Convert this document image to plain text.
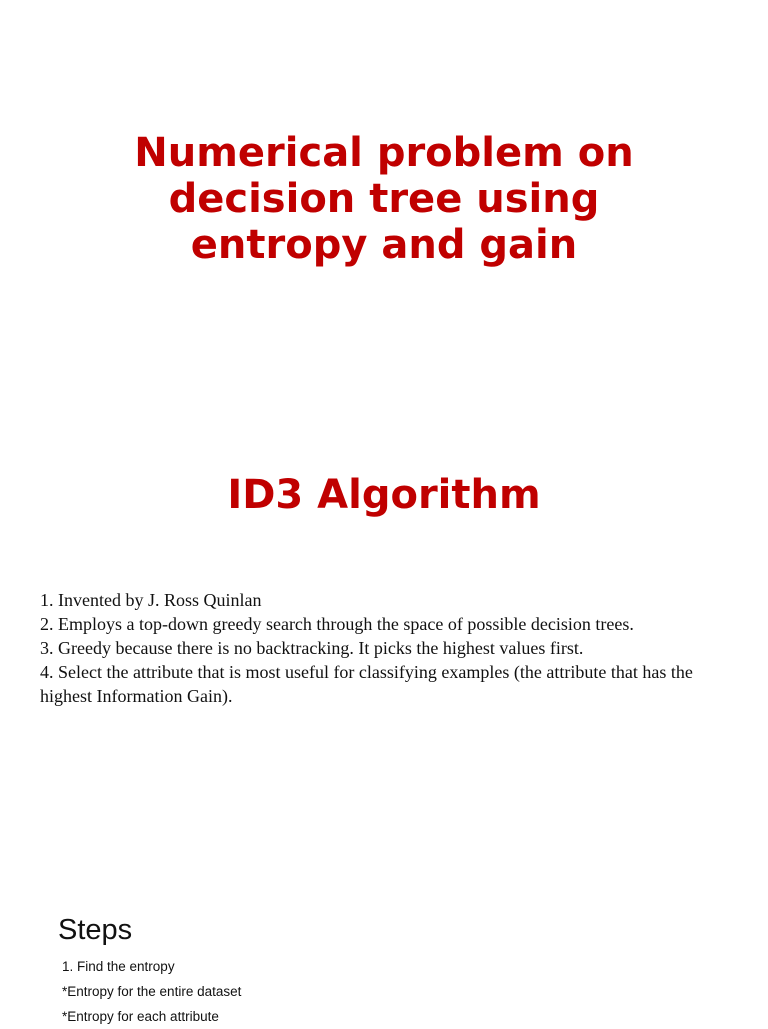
Numerical problem on
decision tree using
entropy and gain
ID3 Algorithm
1. Invented by J. Ross Quinlan
2. Employs a top-down greedy search through the space of possible decision trees.
3. Greedy because there is no backtracking. It picks the highest values first.
4. Select the attribute that is most useful for classifying examples (the attribute that has the highest Information Gain).
Steps
1. Find the entropy
*Entropy for the entire dataset
*Entropy for each attribute
